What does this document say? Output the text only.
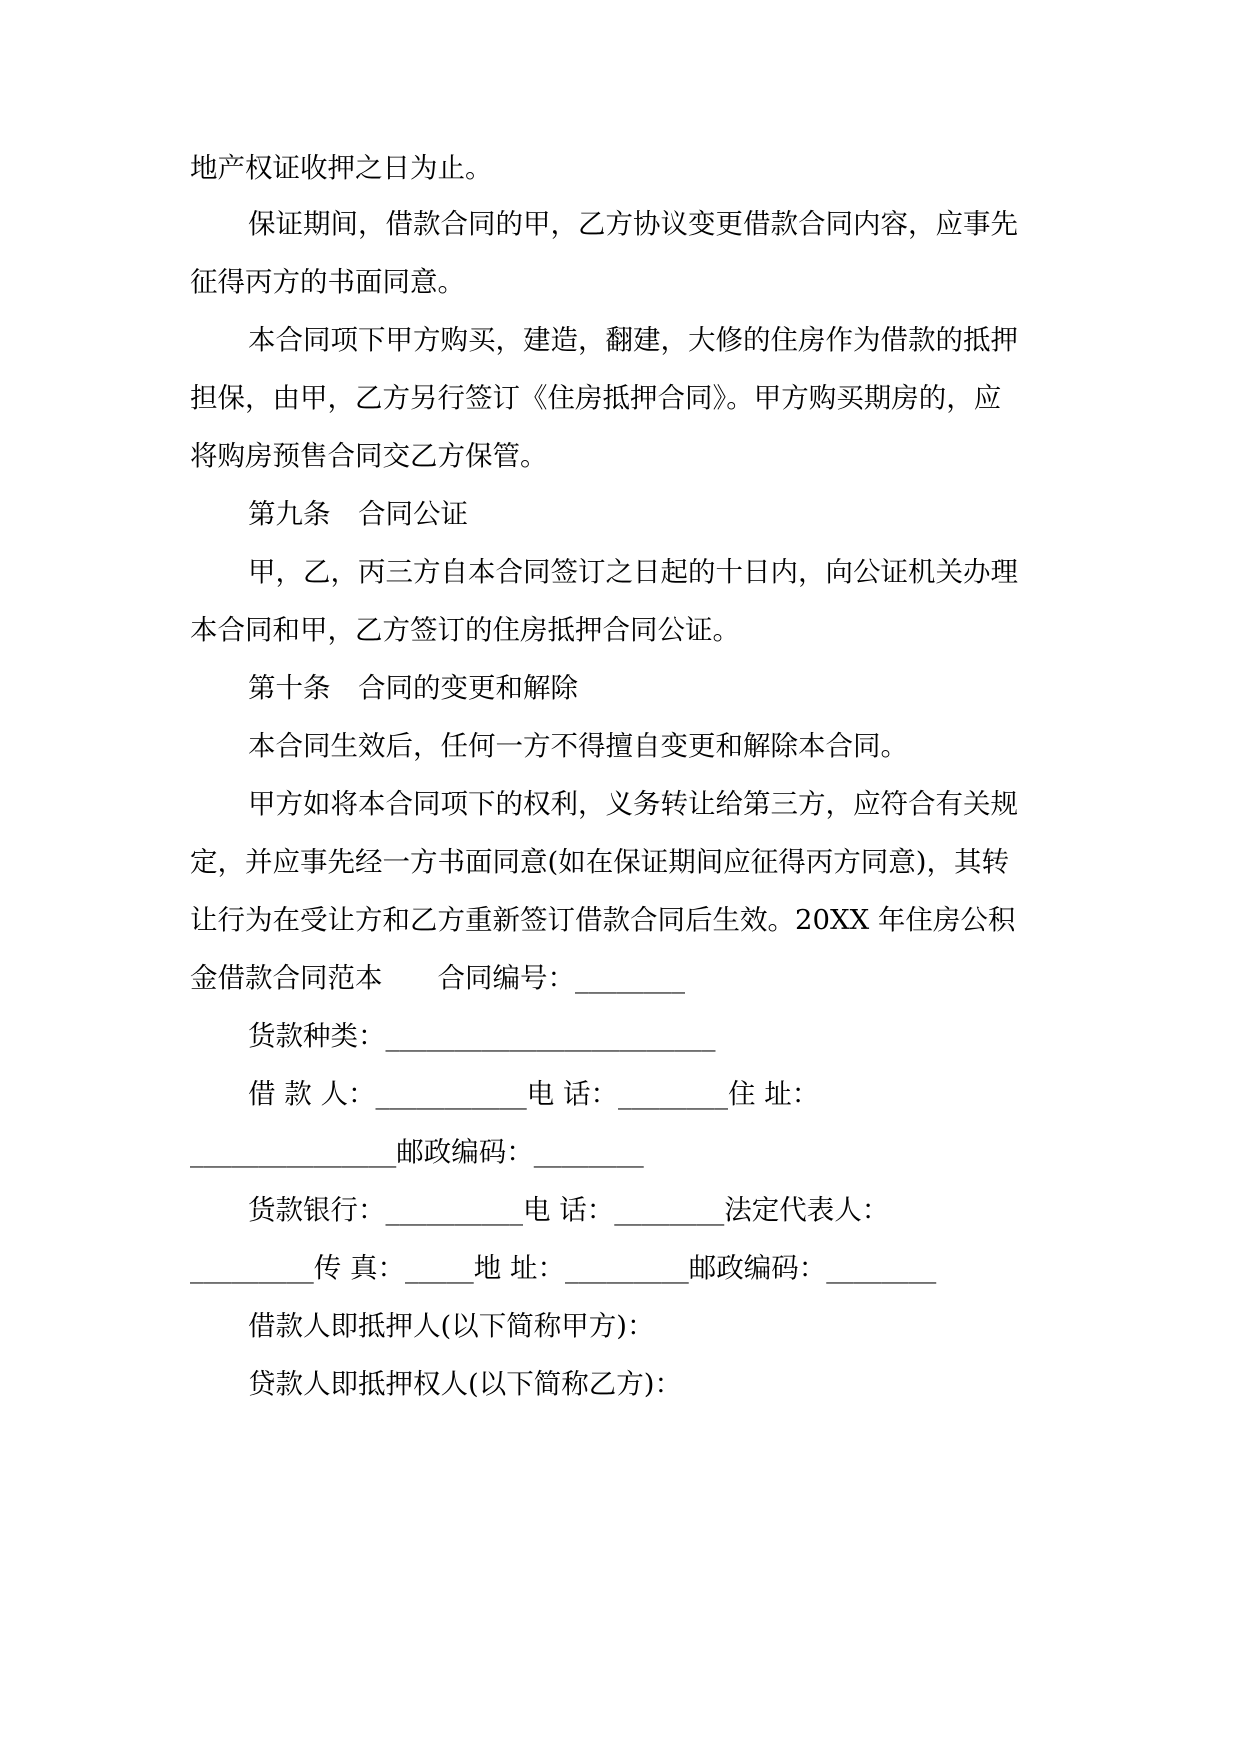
地产权证收押之日为止。
保证期间，借款合同的甲，乙方协议变更借款合同内容，应事先
征得丙方的书面同意。
本合同项下甲方购买，建造，翻建，大修的住房作为借款的抵押
担保，由甲，乙方另行签订《住房抵押合同》。甲方购买期房的，应
将购房预售合同交乙方保管。
第九条　合同公证
甲，乙，丙三方自本合同签订之日起的十日内，向公证机关办理
本合同和甲，乙方签订的住房抵押合同公证。
第十条　合同的变更和解除
本合同生效后，任何一方不得擅自变更和解除本合同。
甲方如将本合同项下的权利，义务转让给第三方，应符合有关规
定，并应事先经一方书面同意(如在保证期间应征得丙方同意)，其转
让行为在受让方和乙方重新签订借款合同后生效。20XX 年住房公积
金借款合同范本　　合同编号：________
货款种类：________________________
借 款 人：___________电 话：________住 址：
_______________邮政编码：________
货款银行：__________电 话：________法定代表人：
_________传 真：_____地 址：_________邮政编码：________
借款人即抵押人(以下简称甲方)：
贷款人即抵押权人(以下简称乙方)：
